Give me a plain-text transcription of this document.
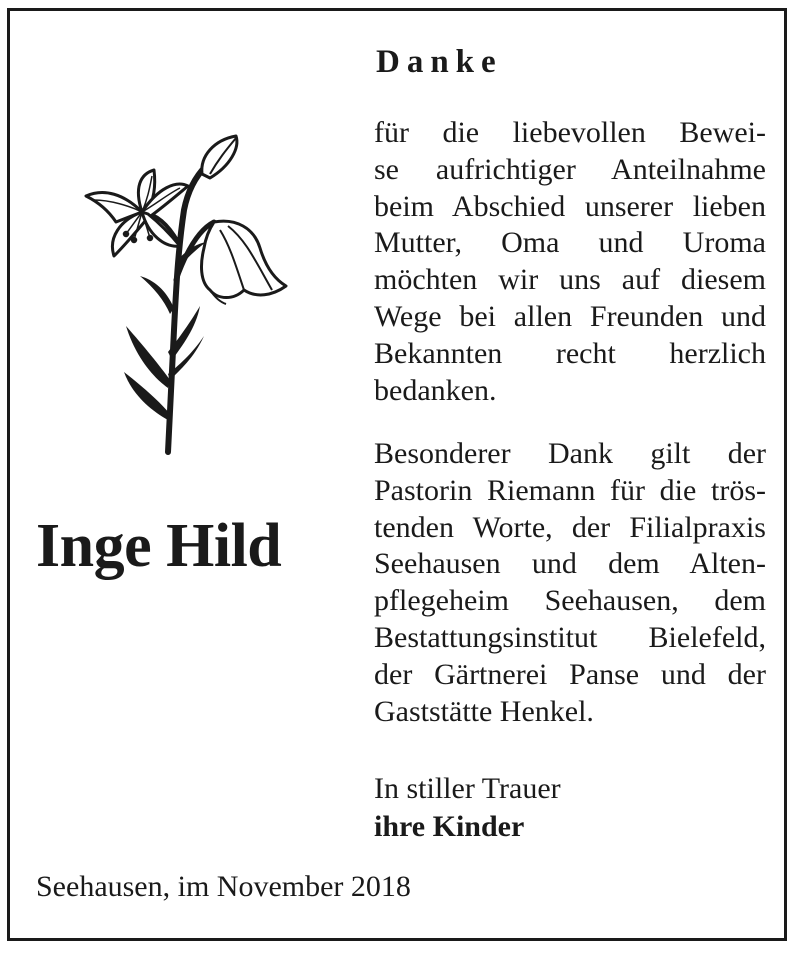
Danke
Inge Hild
für die liebevollen Bewei-
se aufrichtiger Anteilnahme
beim Abschied unserer lieben
Mutter, Oma und Uroma
möchten wir uns auf diesem
Wege bei allen Freunden und
Bekannten recht herzlich
bedanken.
Besonderer Dank gilt der
Pastorin Riemann für die trös-
tenden Worte, der Filialpraxis
Seehausen und dem Alten-
pflegeheim Seehausen, dem
Bestattungsinstitut Bielefeld,
der Gärtnerei Panse und der
Gaststätte Henkel.
In stiller Trauer
ihre Kinder
Seehausen, im November 2018
